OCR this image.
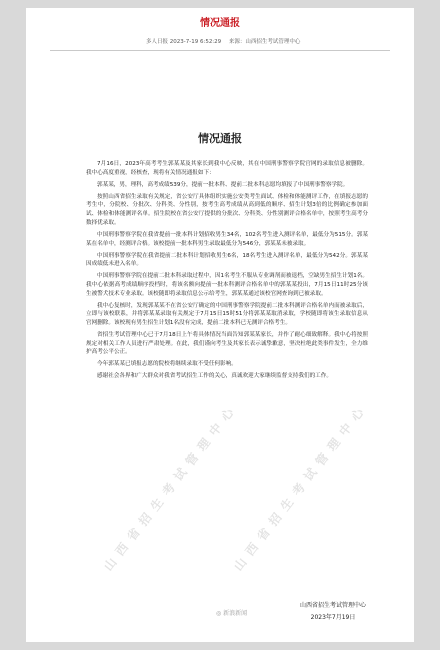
情况通报
多人日报 2023-7-19 6:52:29 来源：山西招生考试管理中心
山西省招生考试管理中心
山西省招生考试管理中心
情况通报

7月16日，2023年高考考生郭某某及其家长到我中心反映，其在中国刑事警察学院官网的录取信息被删除。我中心高度重视，经核查，现将有关情况通报如下：

郭某某，男，理科，高考成绩539分，提前一批本科、提前二批本科志愿均填报了中国刑事警察学院。

按照山西省招生录取有关规定，省公安厅具体组织实施公安类考生面试、体检和体能测评工作，在填报志愿的考生中，分院校、分批次、分科类、分性别，按考生高考成绩从高到低的顺序、招生计划3倍的比例确定参加面试、体检和体能测评名单。招生院校在省公安厅提供的分批次、分科类、分性别测评合格名单中，按照考生高考分数择优录取。

中国刑事警察学院在我省提前一批本科计划招收男生34名，102名考生进入测评名单，最低分为515分。郭某某在名单中，经测评合格。该校提前一批本科男生录取最低分为546分，郭某某未被录取。

中国刑事警察学院在我省提前二批本科计划招收男生6名，18名考生进入测评名单，最低分为542分。郭某某因成绩低未进入名单。

中国刑事警察学院在提前二批本科录取过程中，因1名考生不服从专业调剂而被退档，空缺男生招生计划1名。我中心依据高考成绩顺序投档时，将该名额向提前一批本科测评合格名单中的郭某某投出，7月15日11时25分该生被警犬技术专业录取。该校随即将录取信息公示给考生，郭某某通过该校官网查询到已被录取。

我中心复核时，发现郭某某不在省公安厅确定的中国刑事警察学院提前二批本科测评合格名单内而被录取后，立即与该校联系，并将郭某某录取有关规定于7月15日15时51分将郭某某取消录取，学校随即将该生录取信息从官网删除。该校现有男生招生计划1名没有完成，提前二批本科已无测评合格考生。

省招生考试管理中心已于7月18日上午将具体情况当面告知郭某某家长，并作了耐心细致解释。我中心将按照规定对相关工作人员进行严肃处理。在此，我们谨向考生及其家长表示诚挚歉意，坚决杜绝此类事件发生，全力维护高考公平公正。

今年郭某某已填报志愿的院校将继续录取不受任何影响。

感谢社会各界和广大群众对我省考试招生工作的关心，真诚欢迎大家继续监督支持我们的工作。

◎ 新浪新闻
山西省招生考试管理中心
2023年7月19日
